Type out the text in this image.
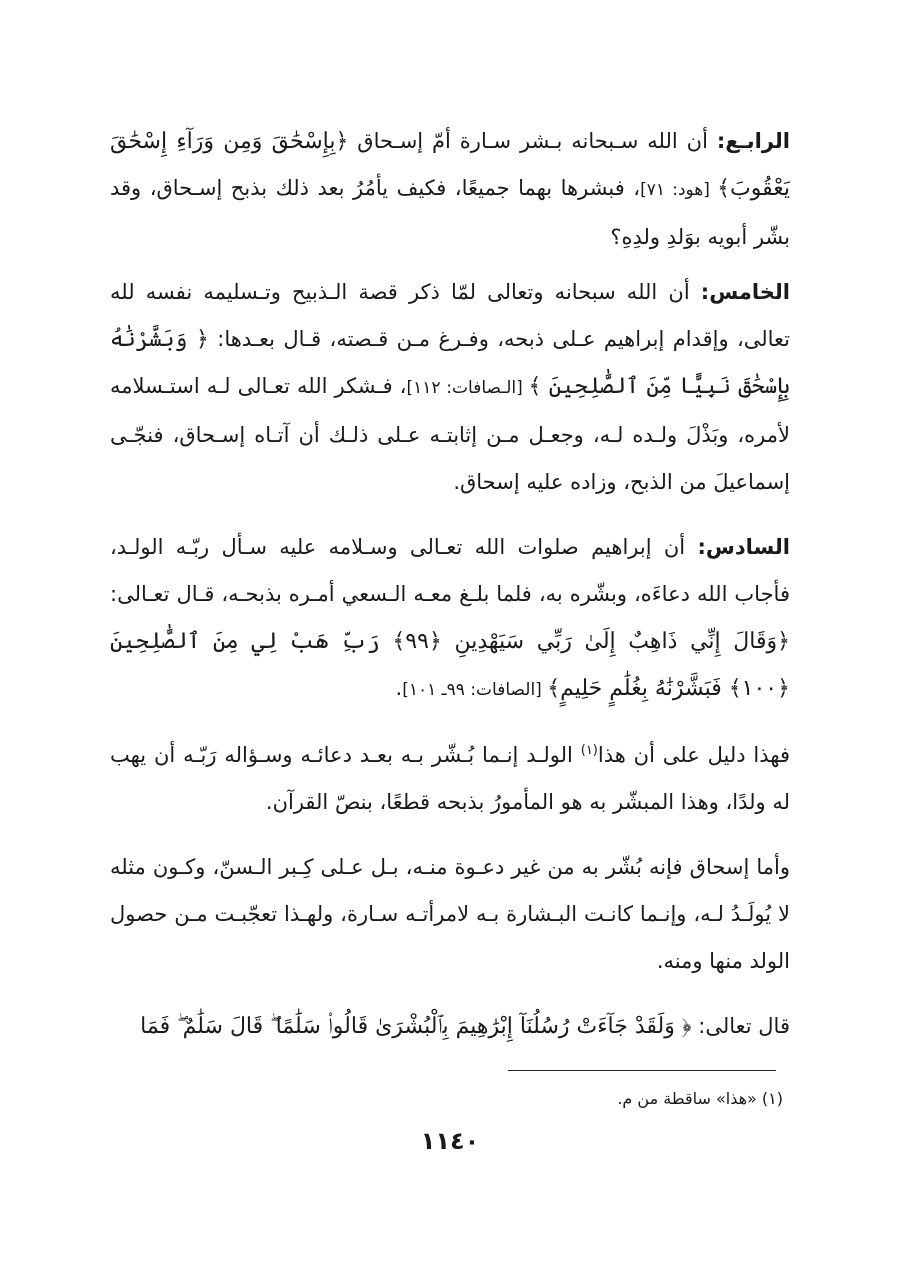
الرابـع: أن الله سـبحانه بـشر سـارة أمّ إسـحاق ﴿بِإِسْحَٰقَ وَمِن وَرَآءِ إِسْحَٰقَ يَعْقُوبَ﴾ [هود: ٧١]، فبشرها بهما جميعًا، فكيف يأمُرُ بعد ذلك بذبح إسـحاق، وقد بشّر أبويه بوَلدِ ولدِهِ؟

الخامس: أن الله سبحانه وتعالى لمّا ذكر قصة الـذبيح وتـسليمه نفسه لله تعالى، وإقدام إبراهيم عـلى ذبحه، وفـرغ مـن قـصته، قـال بعـدها: ﴿ وَبَشَّرْنَٰهُ بِإِسْحَٰقَ نَبِيًّا مِّنَ ٱلصَّٰلِحِينَ ﴾ [الـصافات: ١١٢]، فـشكر الله تعـالى لـه استـسلامه لأمره، وبَذْلَ ولـده لـه، وجعـل مـن إثابتـه عـلى ذلـك أن آتـاه إسـحاق، فنجّـى إسماعيلَ من الذبح، وزاده عليه إسحاق.

السادس: أن إبراهيم صلوات الله تعـالى وسـلامه عليه سـأل ربّـه الولـد، فأجاب الله دعاءَه، وبشّره به، فلما بلـغ معـه الـسعي أمـره بذبحـه، قـال تعـالى: ﴿وَقَالَ إِنِّي ذَاهِبٌ إِلَىٰ رَبِّي سَيَهْدِينِ ﴿٩٩﴾ رَبِّ هَبْ لِي مِنَ ٱلصَّٰلِحِينَ ﴿١٠٠﴾ فَبَشَّرْنَٰهُ بِغُلَٰمٍ حَلِيمٍ﴾ [الصافات: ٩٩ـ ١٠١].

فهذا دليل على أن هذا$^{(١)}$ الولـد إنـما بُـشّر بـه بعـد دعائـه وسـؤاله رَبّـه أن يهب له ولدًا، وهذا المبشّر به هو المأمورُ بذبحه قطعًا، بنصّ القرآن.

وأما إسحاق فإنه بُشّر به من غير دعـوة منـه، بـل عـلى كِـبر الـسنّ، وكـون مثله لا يُولَـدُ لـه، وإنـما كانـت البـشارة بـه لامرأتـه سـارة، ولهـذا تعجّبـت مـن حصول الولد منها ومنه.

قال تعالى: ﴿ وَلَقَدْ جَآءَتْ رُسُلُنَآ إِبْرَٰهِيمَ بِٱلْبُشْرَىٰ قَالُوا۟ سَلَٰمًا ۖ قَالَ سَلَٰمٌ ۖ فَمَا

(١) «هذا» ساقطة من م.
١١٤٠
